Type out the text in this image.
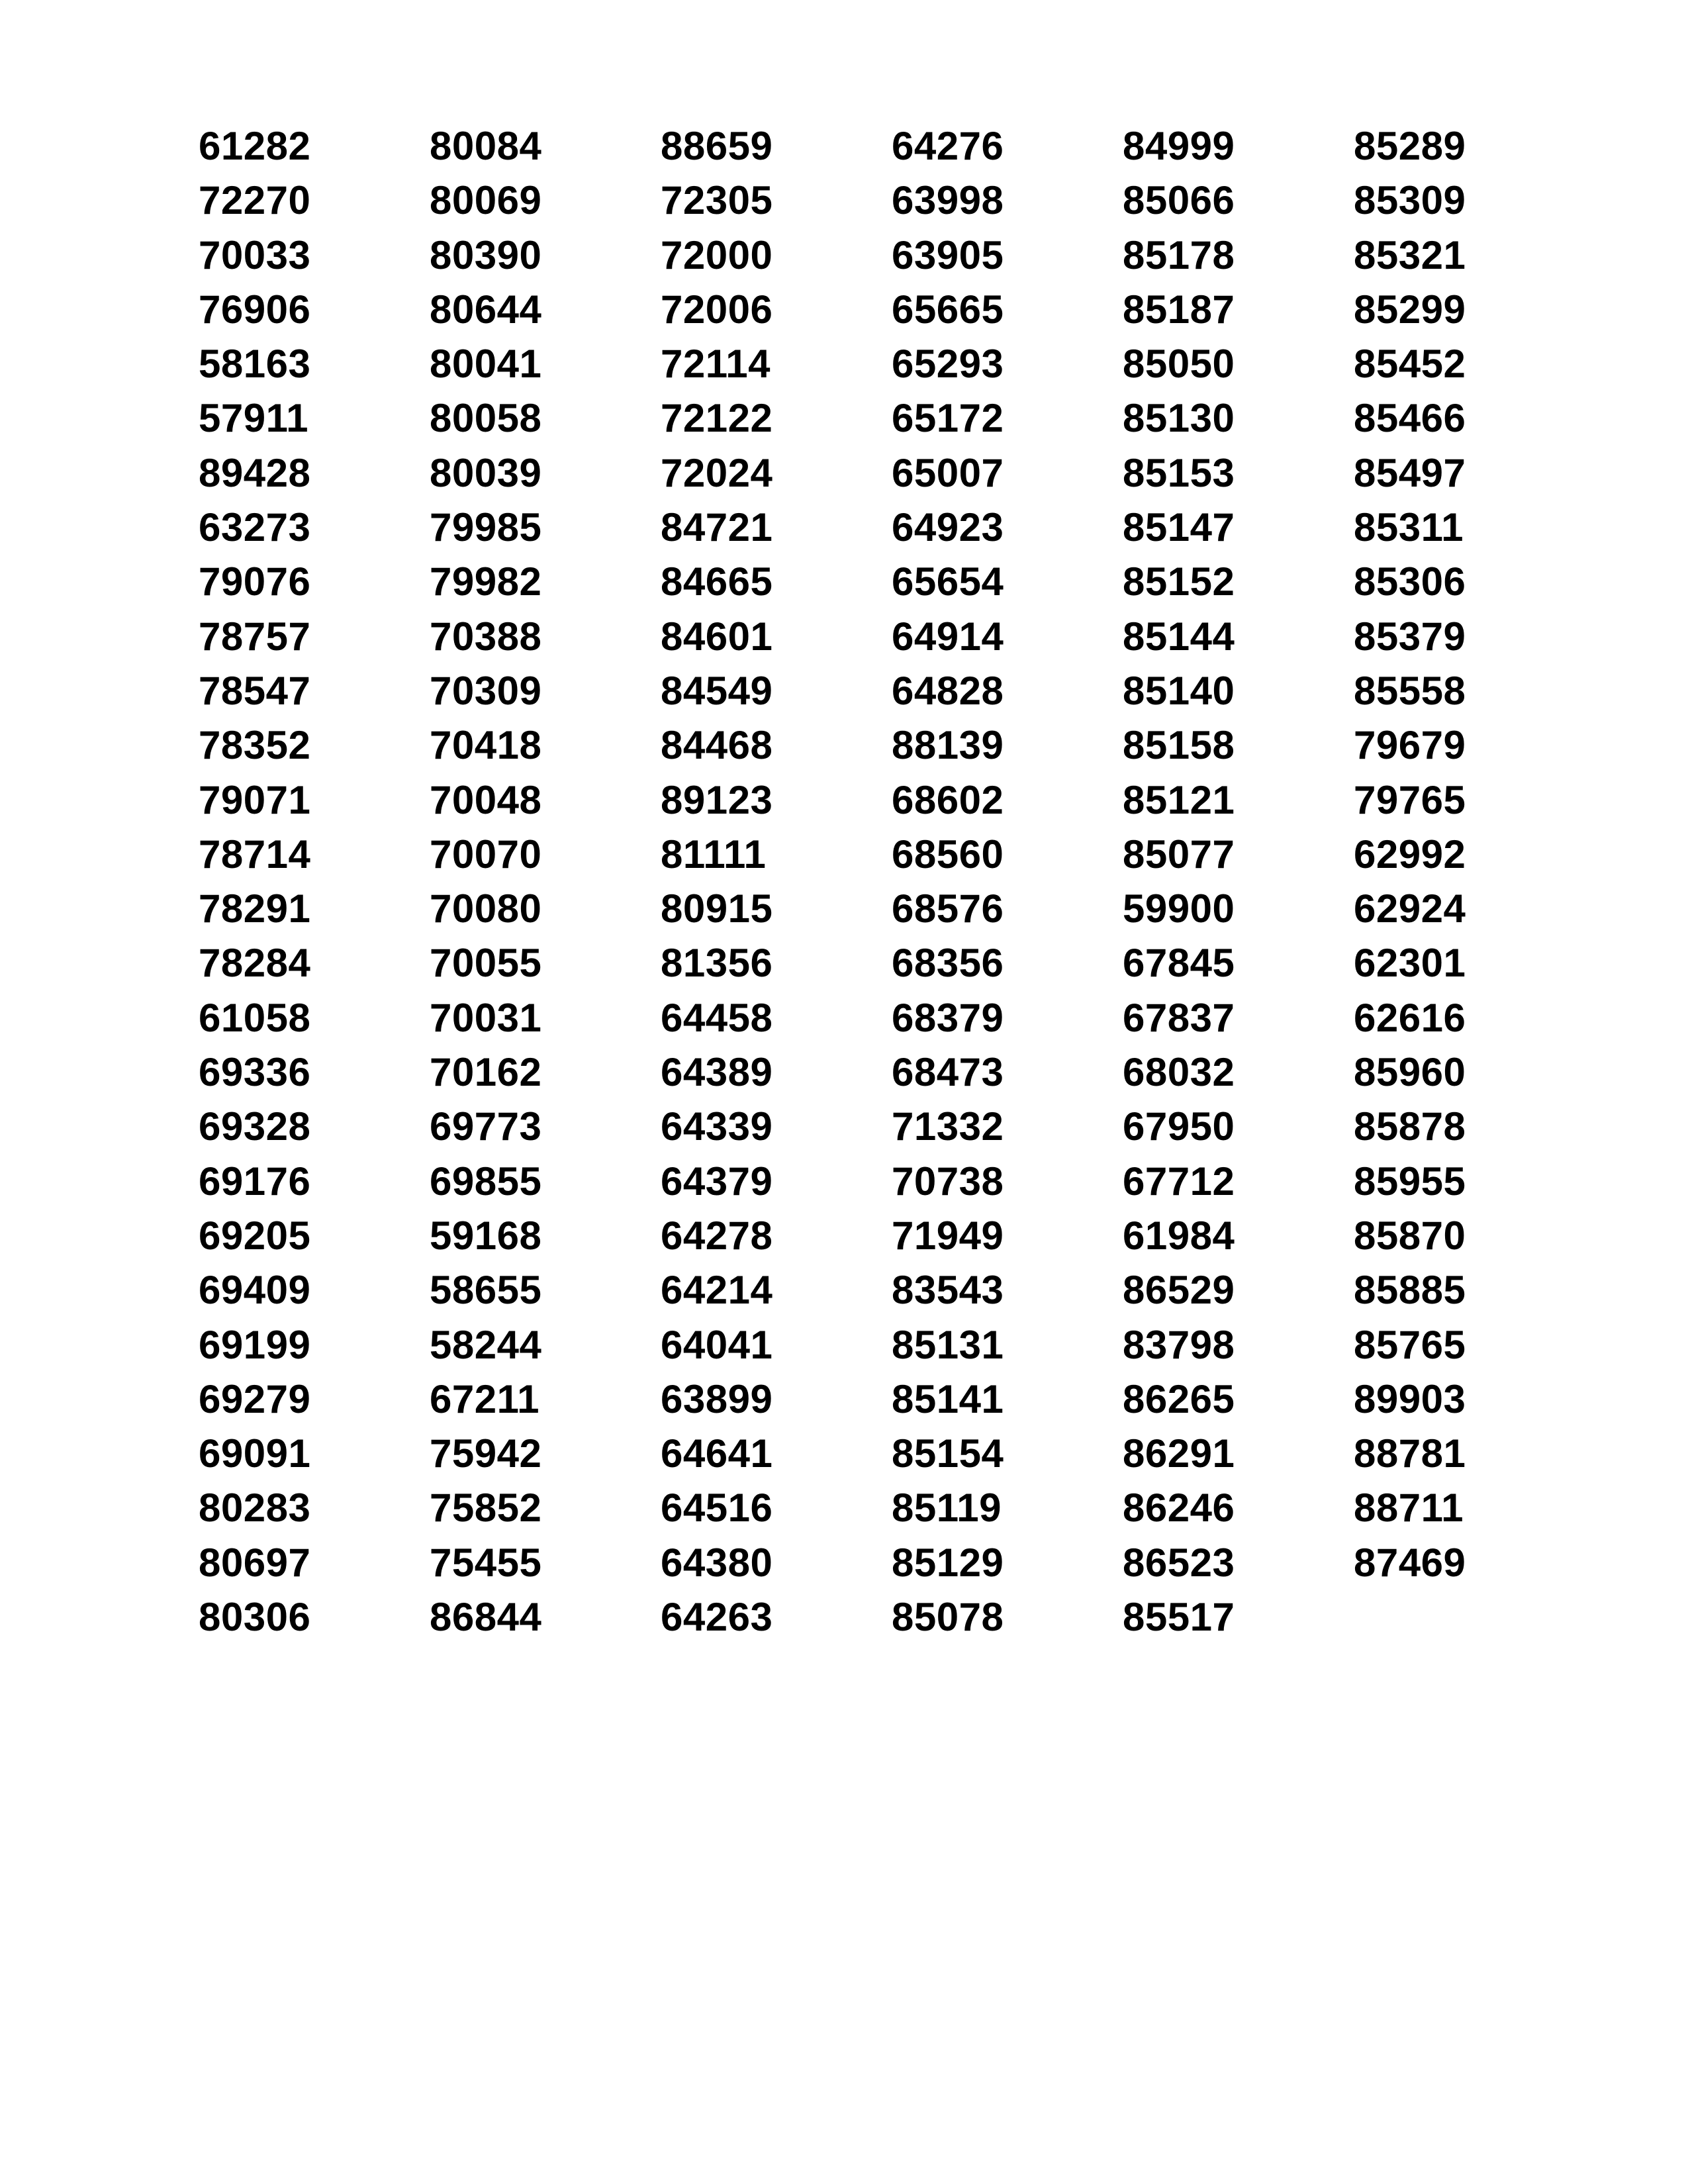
61282
72270
70033
76906
58163
57911
89428
63273
79076
78757
78547
78352
79071
78714
78291
78284
61058
69336
69328
69176
69205
69409
69199
69279
69091
80283
80697
80306
80084
80069
80390
80644
80041
80058
80039
79985
79982
70388
70309
70418
70048
70070
70080
70055
70031
70162
69773
69855
59168
58655
58244
67211
75942
75852
75455
86844
88659
72305
72000
72006
72114
72122
72024
84721
84665
84601
84549
84468
89123
81111
80915
81356
64458
64389
64339
64379
64278
64214
64041
63899
64641
64516
64380
64263
64276
63998
63905
65665
65293
65172
65007
64923
65654
64914
64828
88139
68602
68560
68576
68356
68379
68473
71332
70738
71949
83543
85131
85141
85154
85119
85129
85078
84999
85066
85178
85187
85050
85130
85153
85147
85152
85144
85140
85158
85121
85077
59900
67845
67837
68032
67950
67712
61984
86529
83798
86265
86291
86246
86523
85517
85289
85309
85321
85299
85452
85466
85497
85311
85306
85379
85558
79679
79765
62992
62924
62301
62616
85960
85878
85955
85870
85885
85765
89903
88781
88711
87469
